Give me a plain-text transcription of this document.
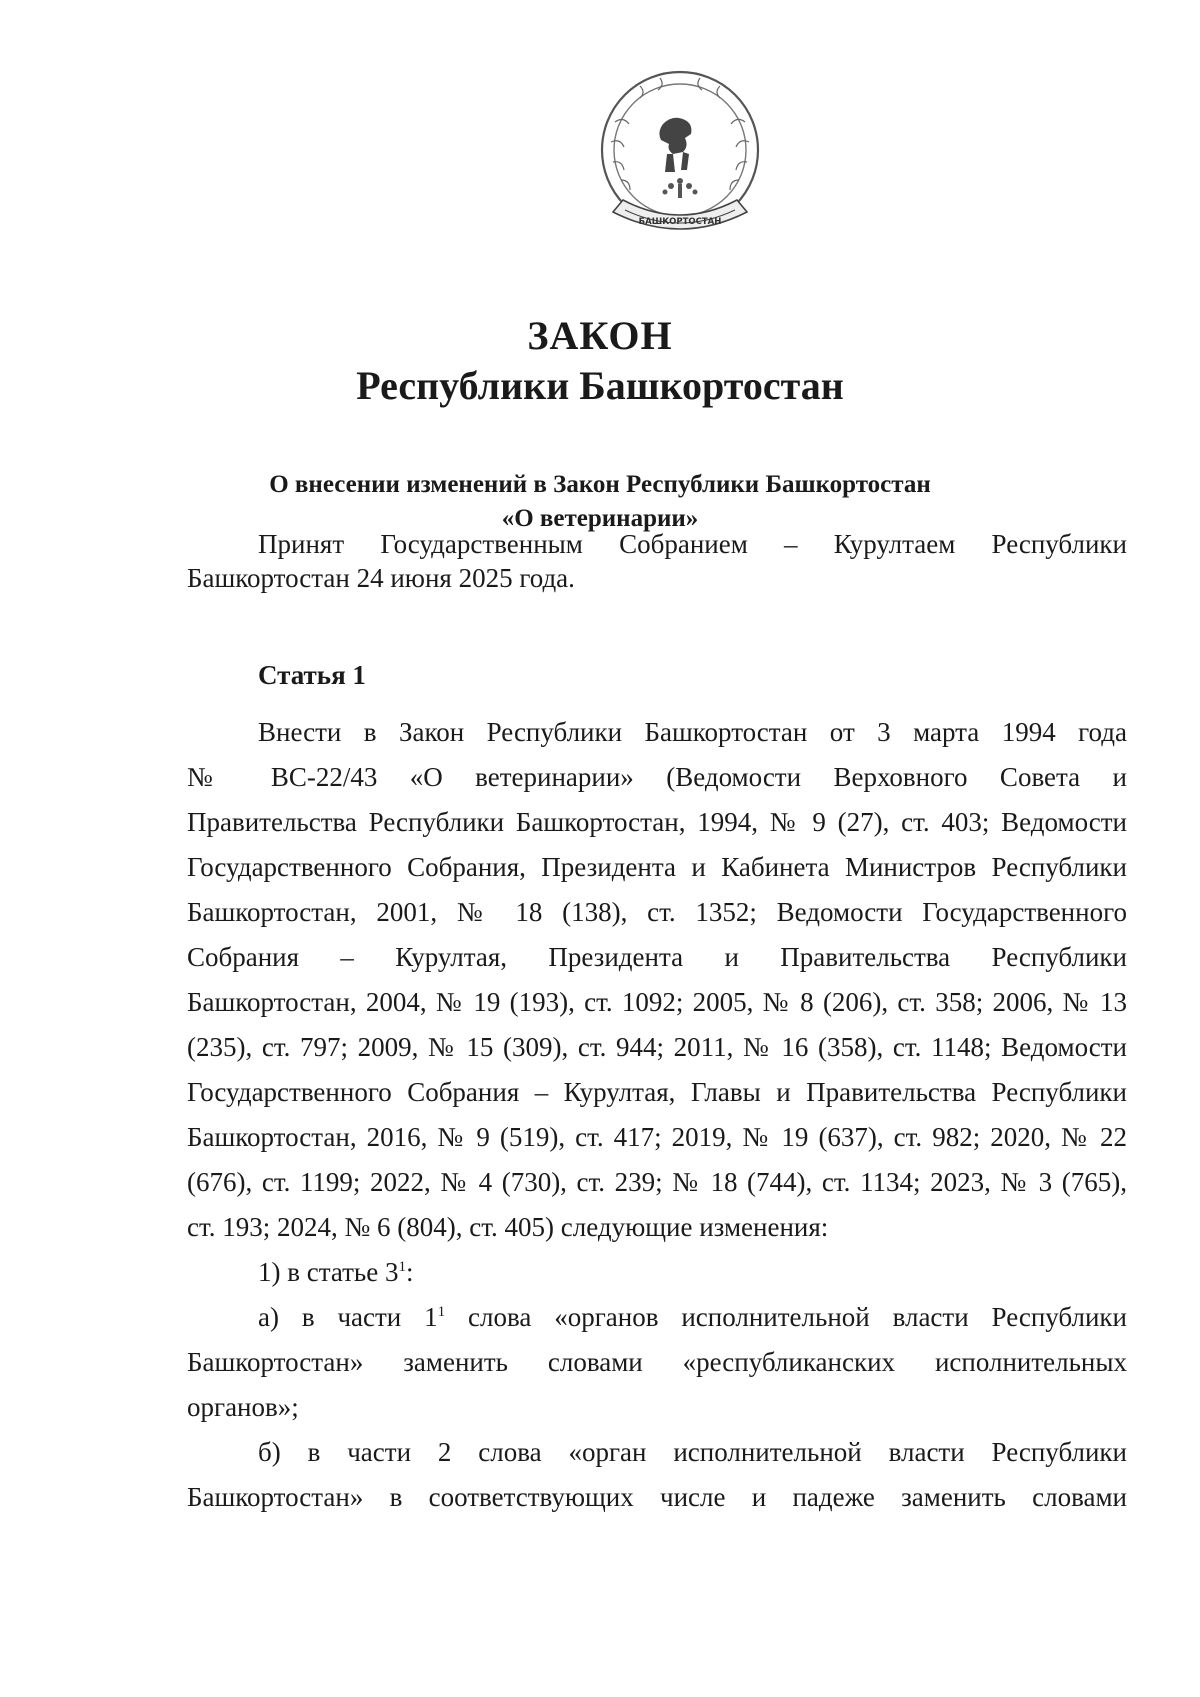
БАШКОРТОСТАН
ЗАКОН
Республики Башкортостан
О внесении изменений в Закон Республики Башкортостан
«О ветеринарии»
Принят Государственным Собранием – Курултаем Республики
Башкортостан 24 июня 2025 года.
Статья 1
Внести в Закон Республики Башкортостан от 3 марта 1994 года
№ ВС-22/43 «О ветеринарии» (Ведомости Верховного Совета и
Правительства Республики Башкортостан, 1994, № 9 (27), ст. 403; Ведомости
Государственного Собрания, Президента и Кабинета Министров Республики
Башкортостан, 2001, № 18 (138), ст. 1352; Ведомости Государственного
Собрания – Курултая, Президента и Правительства Республики
Башкортостан, 2004, № 19 (193), ст. 1092; 2005, № 8 (206), ст. 358; 2006, № 13
(235), ст. 797; 2009, № 15 (309), ст. 944; 2011, № 16 (358), ст. 1148; Ведомости
Государственного Собрания – Курултая, Главы и Правительства Республики
Башкортостан, 2016, № 9 (519), ст. 417; 2019, № 19 (637), ст. 982; 2020, № 22
(676), ст. 1199; 2022, № 4 (730), ст. 239; № 18 (744), ст. 1134; 2023, № 3 (765),
ст. 193; 2024, № 6 (804), ст. 405) следующие изменения:
1) в статье $3^1$:
а) в части $1^1$ слова «органов исполнительной власти Республики
Башкортостан» заменить словами «республиканских исполнительных
органов»;
б) в части 2 слова «орган исполнительной власти Республики
Башкортостан» в соответствующих числе и падеже заменить словами
